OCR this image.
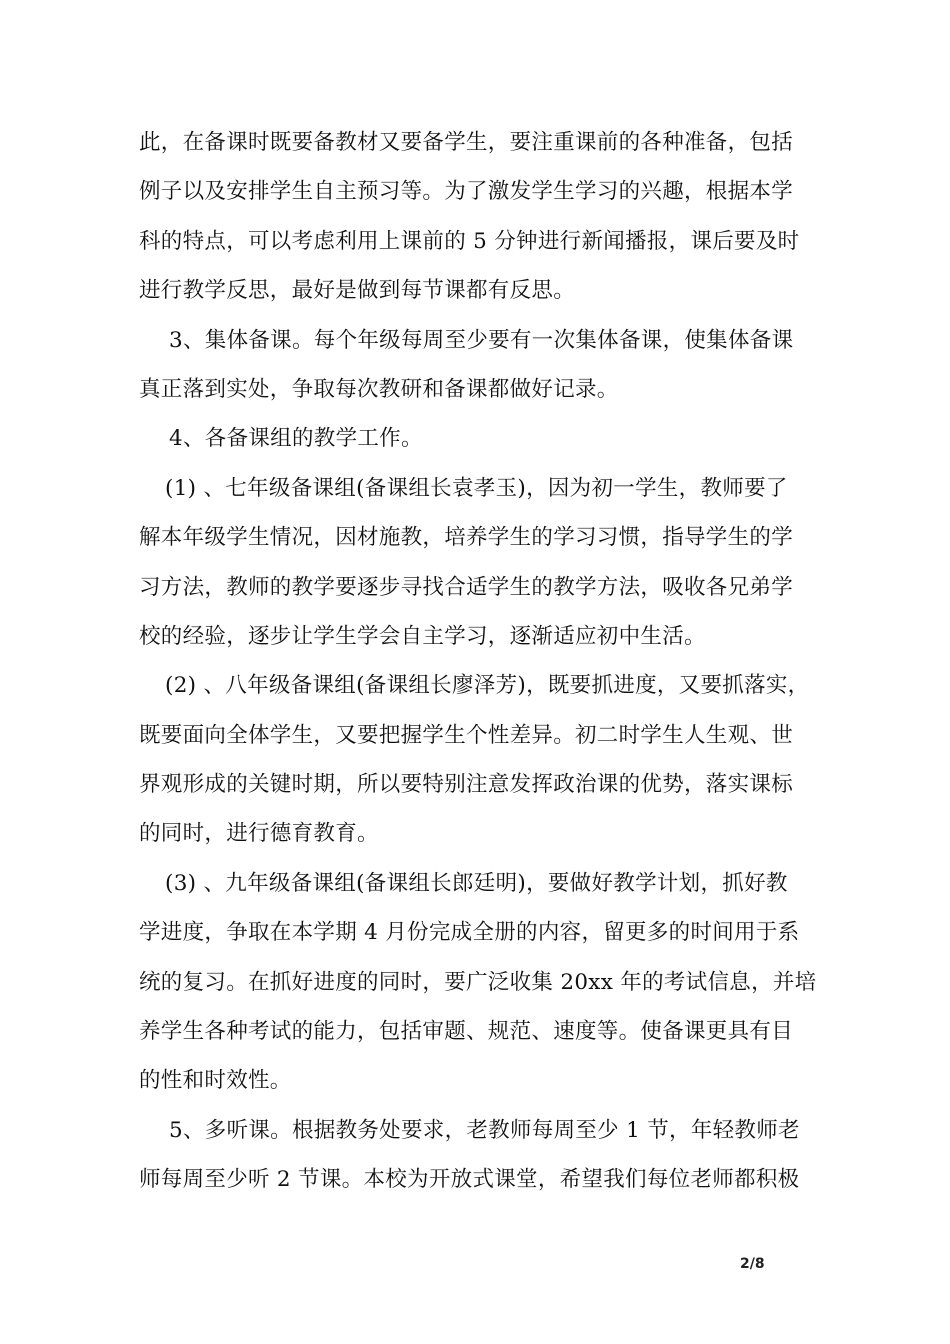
此，在备课时既要备教材又要备学生，要注重课前的各种准备，包括
例子以及安排学生自主预习等。为了激发学生学习的兴趣，根据本学
科的特点，可以考虑利用上课前的 5 分钟进行新闻播报，课后要及时
进行教学反思，最好是做到每节课都有反思。
3、集体备课。每个年级每周至少要有一次集体备课，使集体备课
真正落到实处，争取每次教研和备课都做好记录。
4、各备课组的教学工作。
(1) 、七年级备课组(备课组长袁孝玉)，因为初一学生，教师要了
解本年级学生情况，因材施教，培养学生的学习习惯，指导学生的学
习方法，教师的教学要逐步寻找合适学生的教学方法，吸收各兄弟学
校的经验，逐步让学生学会自主学习，逐渐适应初中生活。
(2) 、八年级备课组(备课组长廖泽芳)，既要抓进度，又要抓落实，
既要面向全体学生，又要把握学生个性差异。初二时学生人生观、世
界观形成的关键时期，所以要特别注意发挥政治课的优势，落实课标
的同时，进行德育教育。
(3) 、九年级备课组(备课组长郎廷明)，要做好教学计划，抓好教
学进度，争取在本学期 4 月份完成全册的内容，留更多的时间用于系
统的复习。在抓好进度的同时，要广泛收集 20xx 年的考试信息，并培
养学生各种考试的能力，包括审题、规范、速度等。使备课更具有目
的性和时效性。
5、多听课。根据教务处要求，老教师每周至少 1 节，年轻教师老
师每周至少听 2 节课。本校为开放式课堂，希望我们每位老师都积极
2/8
